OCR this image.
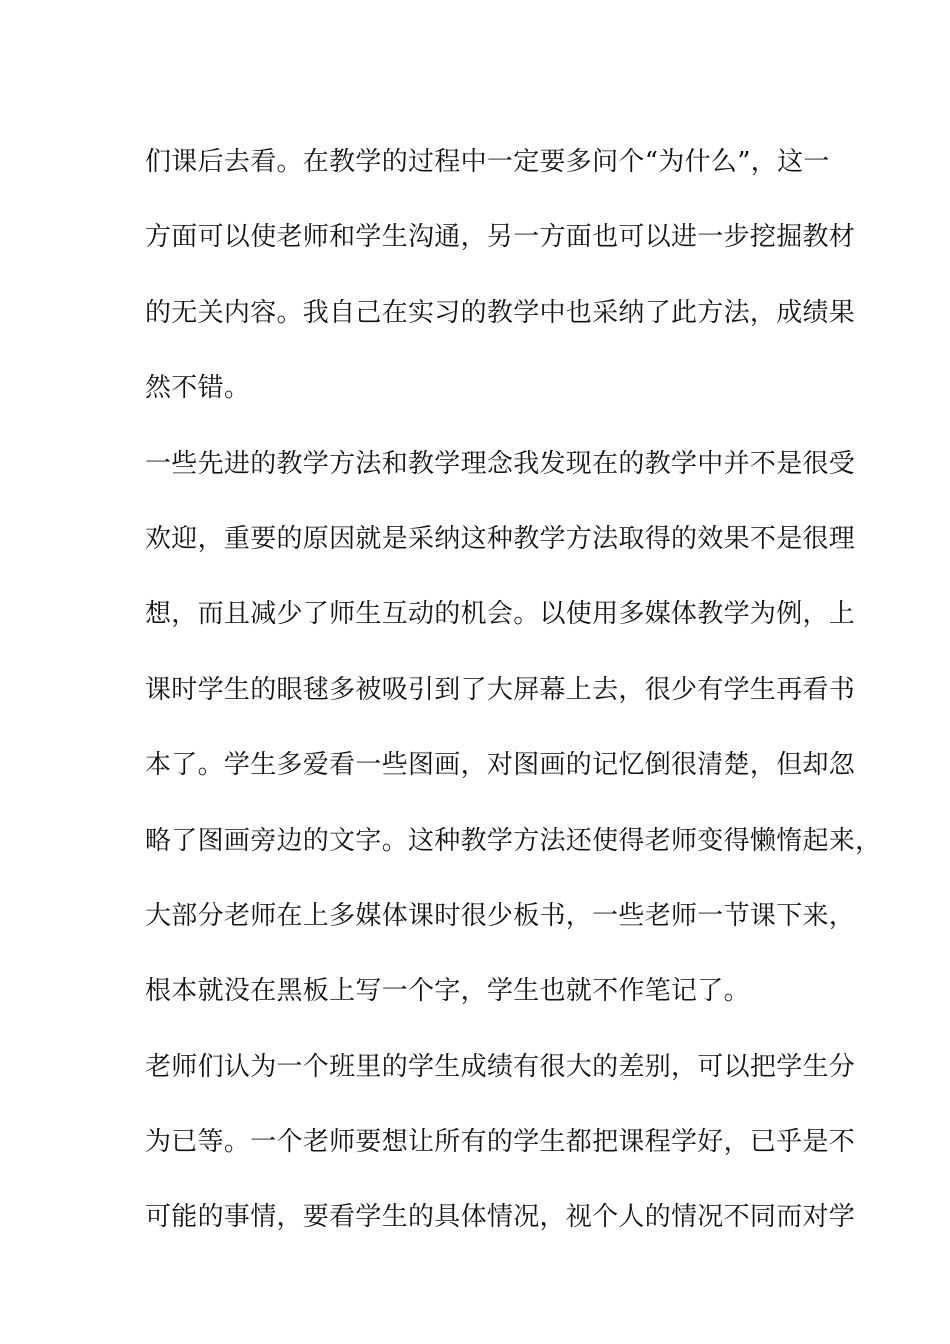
们课后去看。在教学的过程中一定要多问个“为什么”，这一
方面可以使老师和学生沟通，另一方面也可以进一步挖掘教材
的无关内容。我自己在实习的教学中也采纳了此方法，成绩果
然不错。
一些先进的教学方法和教学理念我发现在的教学中并不是很受
欢迎，重要的原因就是采纳这种教学方法取得的效果不是很理
想，而且减少了师生互动的机会。以使用多媒体教学为例，上
课时学生的眼毬多被吸引到了大屏幕上去，很少有学生再看书
本了。学生多爱看一些图画，对图画的记忆倒很清楚，但却忽
略了图画旁边的文字。这种教学方法还使得老师变得懒惰起来，
大部分老师在上多媒体课时很少板书，一些老师一节课下来，
根本就没在黑板上写一个字，学生也就不作笔记了。
老师们认为一个班里的学生成绩有很大的差别，可以把学生分
为已等。一个老师要想让所有的学生都把课程学好，已乎是不
可能的事情，要看学生的具体情况，视个人的情况不同而对学
